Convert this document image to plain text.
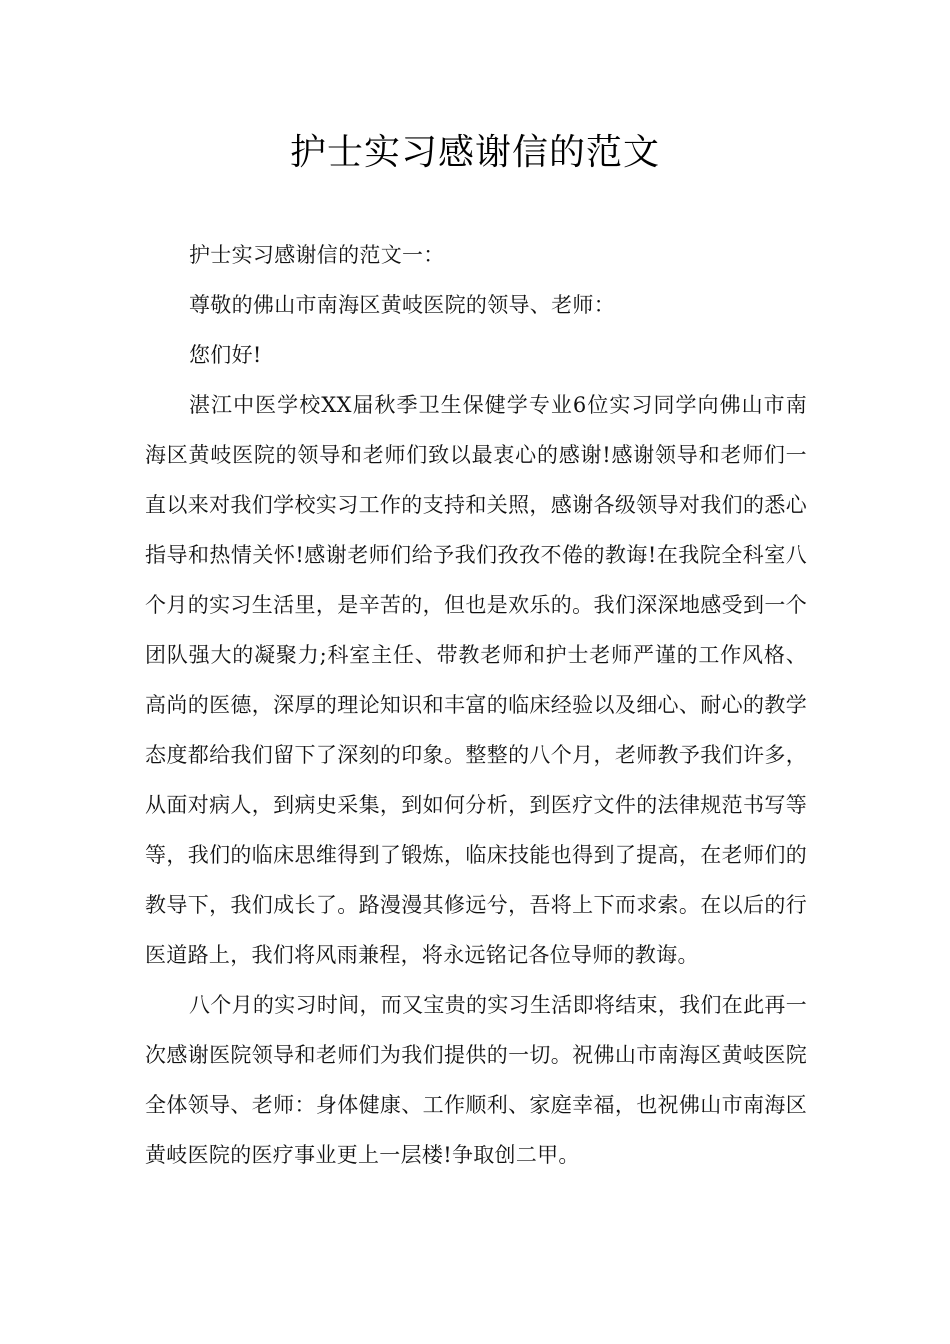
护士实习感谢信的范文

护士实习感谢信的范文一：

尊敬的佛山市南海区黄岐医院的领导、老师：

您们好!

湛江中医学校XX届秋季卫生保健学专业6位实习同学向佛山市南海区黄岐医院的领导和老师们致以最衷心的感谢!感谢领导和老师们一直以来对我们学校实习工作的支持和关照，感谢各级领导对我们的悉心指导和热情关怀!感谢老师们给予我们孜孜不倦的教诲!在我院全科室八个月的实习生活里，是辛苦的，但也是欢乐的。我们深深地感受到一个团队强大的凝聚力;科室主任、带教老师和护士老师严谨的工作风格、高尚的医德，深厚的理论知识和丰富的临床经验以及细心、耐心的教学态度都给我们留下了深刻的印象。整整的八个月，老师教予我们许多，从面对病人，到病史采集，到如何分析，到医疗文件的法律规范书写等等，我们的临床思维得到了锻炼，临床技能也得到了提高，在老师们的教导下，我们成长了。路漫漫其修远兮，吾将上下而求索。在以后的行医道路上，我们将风雨兼程，将永远铭记各位导师的教诲。

八个月的实习时间，而又宝贵的实习生活即将结束，我们在此再一次感谢医院领导和老师们为我们提供的一切。祝佛山市南海区黄岐医院全体领导、老师：身体健康、工作顺利、家庭幸福，也祝佛山市南海区黄岐医院的医疗事业更上一层楼!争取创二甲。
